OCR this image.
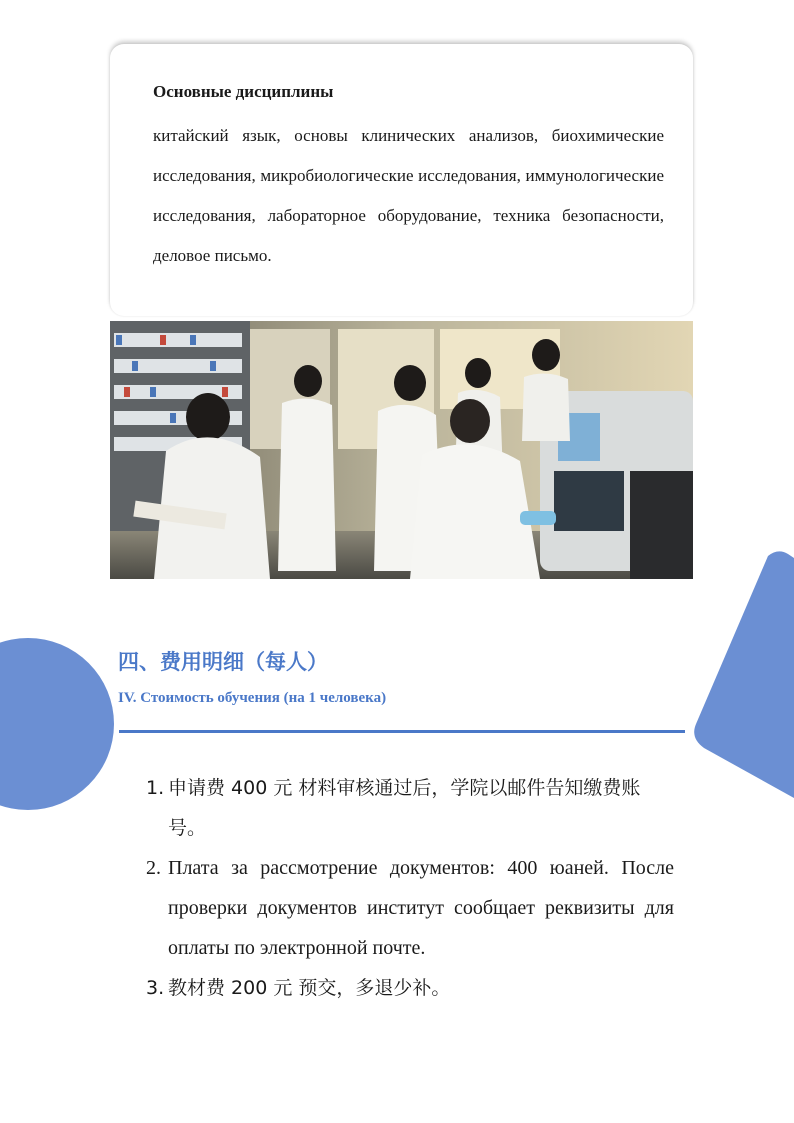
Основные дисциплины

китайский язык, основы клинических анализов, биохимические исследования, микробиологические исследования, иммунологические исследования, лабораторное оборудование, техника безопасности, деловое письмо.

四、费用明细（每人）
IV. Стоимость обучения (на 1 человека)
1. 申请费 400 元 材料审核通过后，学院以邮件告知缴费账号。
2. Плата за рассмотрение документов: 400 юаней. После проверки документов институт сообщает реквизиты для оплаты по электронной почте.
3. 教材费 200 元 预交，多退少补。
